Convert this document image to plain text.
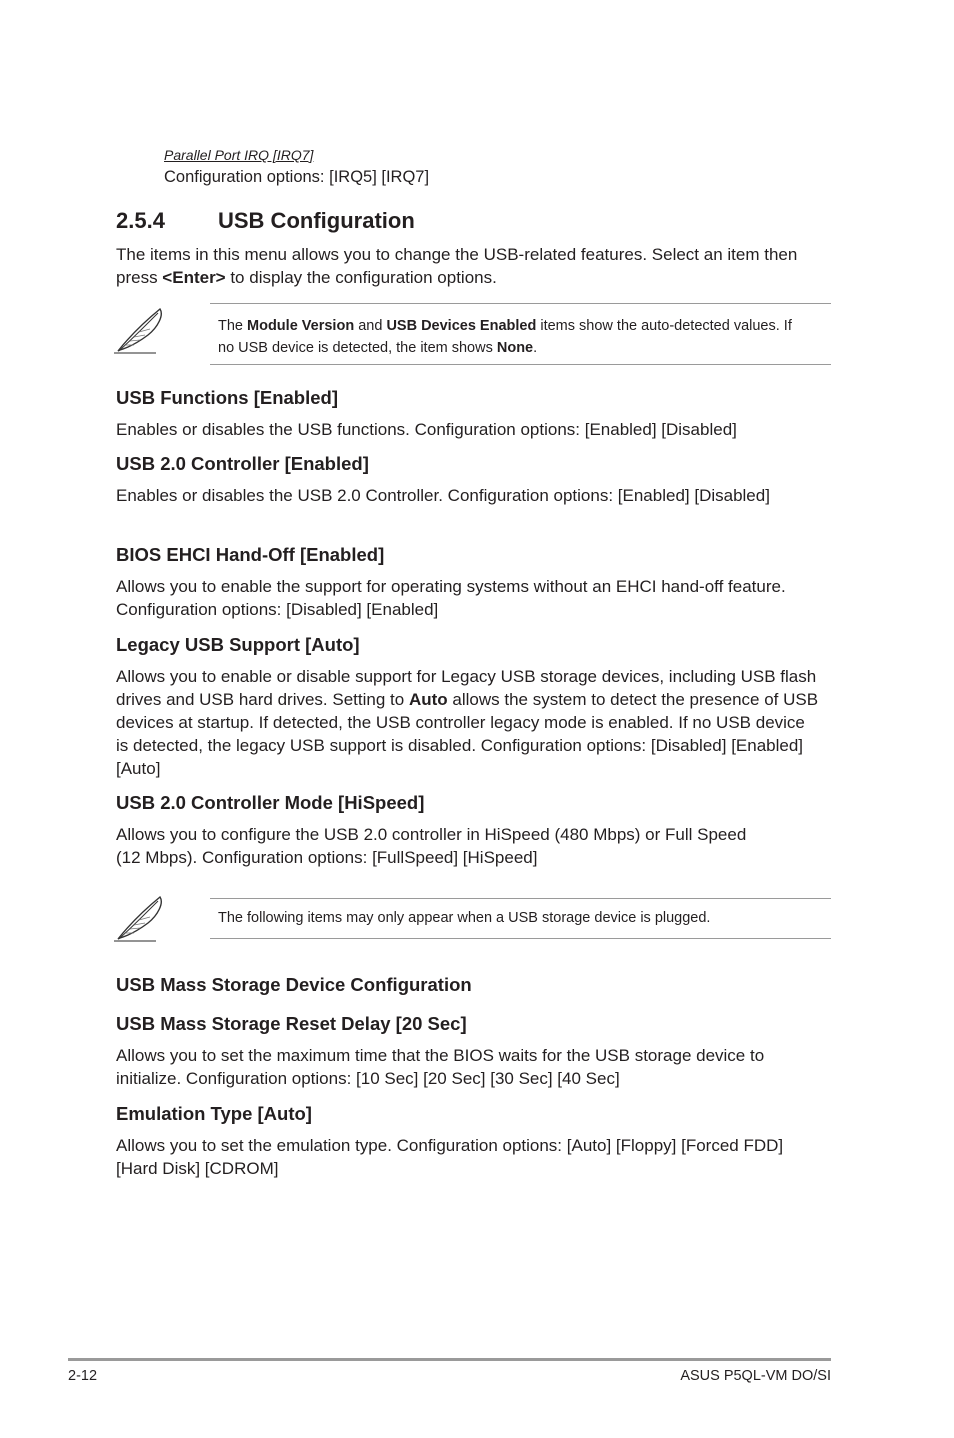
Parallel Port IRQ [IRQ7]
Configuration options: [IRQ5] [IRQ7]
2.5.4 USB Configuration
The items in this menu allows you to change the USB-related features. Select an item then
press <Enter> to display the configuration options.
The Module Version and USB Devices Enabled items show the auto-detected values. If
no USB device is detected, the item shows None.
USB Functions [Enabled]
Enables or disables the USB functions. Configuration options: [Enabled] [Disabled]
USB 2.0 Controller [Enabled]
Enables or disables the USB 2.0 Controller. Configuration options: [Enabled] [Disabled]
BIOS EHCI Hand-Off [Enabled]
Allows you to enable the support for operating systems without an EHCI hand-off feature.
Configuration options: [Disabled] [Enabled]
Legacy USB Support [Auto]
Allows you to enable or disable support for Legacy USB storage devices, including USB flash
drives and USB hard drives. Setting to Auto allows the system to detect the presence of USB
devices at startup. If detected, the USB controller legacy mode is enabled. If no USB device
is detected, the legacy USB support is disabled. Configuration options: [Disabled] [Enabled]
[Auto]
USB 2.0 Controller Mode [HiSpeed]
Allows you to configure the USB 2.0 controller in HiSpeed (480 Mbps) or Full Speed
(12 Mbps). Configuration options: [FullSpeed] [HiSpeed]
The following items may only appear when a USB storage device is plugged.
USB Mass Storage Device Configuration
USB Mass Storage Reset Delay [20 Sec]
Allows you to set the maximum time that the BIOS waits for the USB storage device to
initialize. Configuration options: [10 Sec] [20 Sec] [30 Sec] [40 Sec]
Emulation Type [Auto]
Allows you to set the emulation type. Configuration options: [Auto] [Floppy] [Forced FDD]
[Hard Disk] [CDROM]
2-12	ASUS P5QL-VM DO/SI
